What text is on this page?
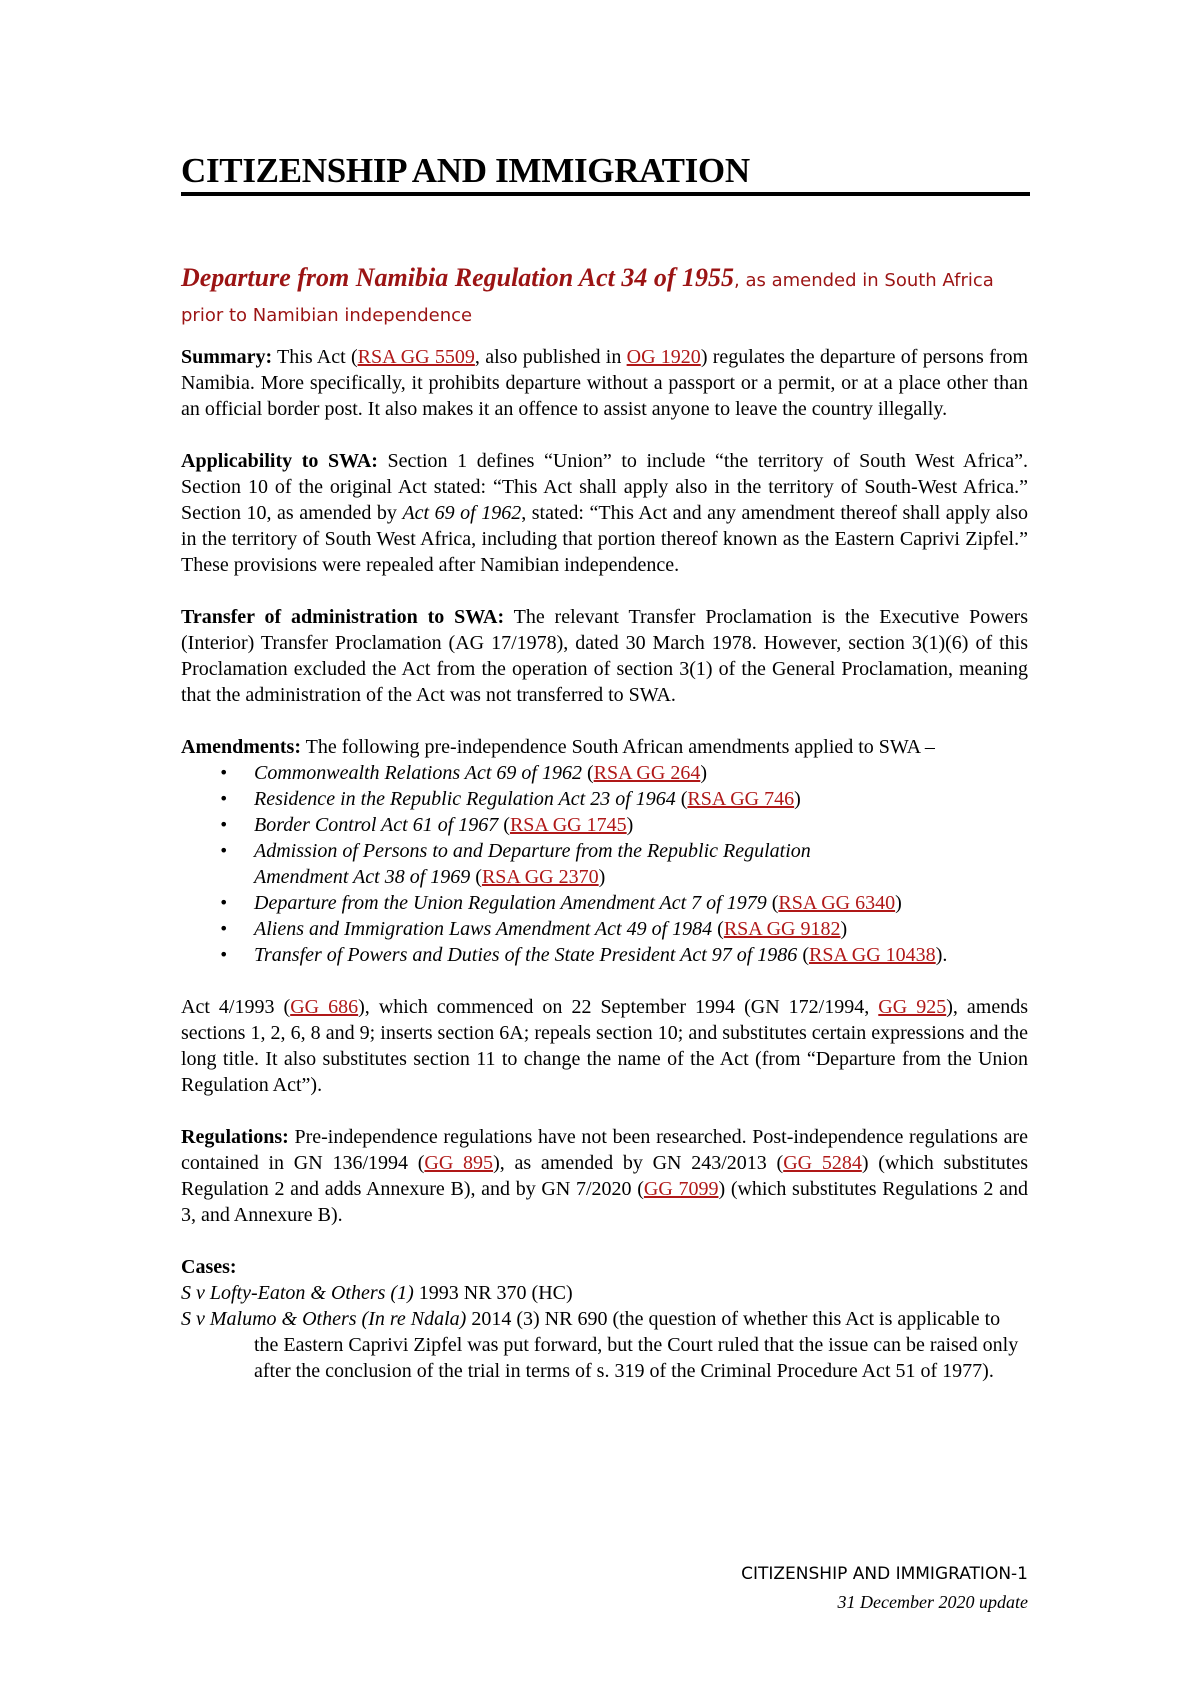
CITIZENSHIP AND IMMIGRATION
Departure from Namibia Regulation Act 34 of 1955, as amended in South Africa prior to Namibian independence

Summary: This Act (RSA GG 5509, also published in OG 1920) regulates the departure of persons from Namibia. More specifically, it prohibits departure without a passport or a permit, or at a place other than an official border post. It also makes it an offence to assist anyone to leave the country illegally.

Applicability to SWA: Section 1 defines “Union” to include “the territory of South West Africa”. Section 10 of the original Act stated: “This Act shall apply also in the territory of South-West Africa.” Section 10, as amended by Act 69 of 1962, stated: “This Act and any amendment thereof shall apply also in the territory of South West Africa, including that portion thereof known as the Eastern Caprivi Zipfel.” These provisions were repealed after Namibian independence.

Transfer of administration to SWA: The relevant Transfer Proclamation is the Executive Powers (Interior) Transfer Proclamation (AG 17/1978), dated 30 March 1978. However, section 3(1)(6) of this Proclamation excluded the Act from the operation of section 3(1) of the General Proclamation, meaning that the administration of the Act was not transferred to SWA.

Amendments: The following pre-independence South African amendments applied to SWA –
• Commonwealth Relations Act 69 of 1962 (RSA GG 264)
• Residence in the Republic Regulation Act 23 of 1964 (RSA GG 746)
• Border Control Act 61 of 1967 (RSA GG 1745)
• Admission of Persons to and Departure from the Republic Regulation Amendment Act 38 of 1969 (RSA GG 2370)
• Departure from the Union Regulation Amendment Act 7 of 1979 (RSA GG 6340)
• Aliens and Immigration Laws Amendment Act 49 of 1984 (RSA GG 9182)
• Transfer of Powers and Duties of the State President Act 97 of 1986 (RSA GG 10438).

Act 4/1993 (GG 686), which commenced on 22 September 1994 (GN 172/1994, GG 925), amends sections 1, 2, 6, 8 and 9; inserts section 6A; repeals section 10; and substitutes certain expressions and the long title. It also substitutes section 11 to change the name of the Act (from “Departure from the Union Regulation Act”).

Regulations: Pre-independence regulations have not been researched. Post-independence regulations are contained in GN 136/1994 (GG 895), as amended by GN 243/2013 (GG 5284) (which substitutes Regulation 2 and adds Annexure B), and by GN 7/2020 (GG 7099) (which substitutes Regulations 2 and 3, and Annexure B).

Cases:

S v Lofty-Eaton & Others (1) 1993 NR 370 (HC)

S v Malumo & Others (In re Ndala) 2014 (3) NR 690 (the question of whether this Act is applicable to the Eastern Caprivi Zipfel was put forward, but the Court ruled that the issue can be raised only after the conclusion of the trial in terms of s. 319 of the Criminal Procedure Act 51 of 1977).

CITIZENSHIP AND IMMIGRATION-1
31 December 2020 update
